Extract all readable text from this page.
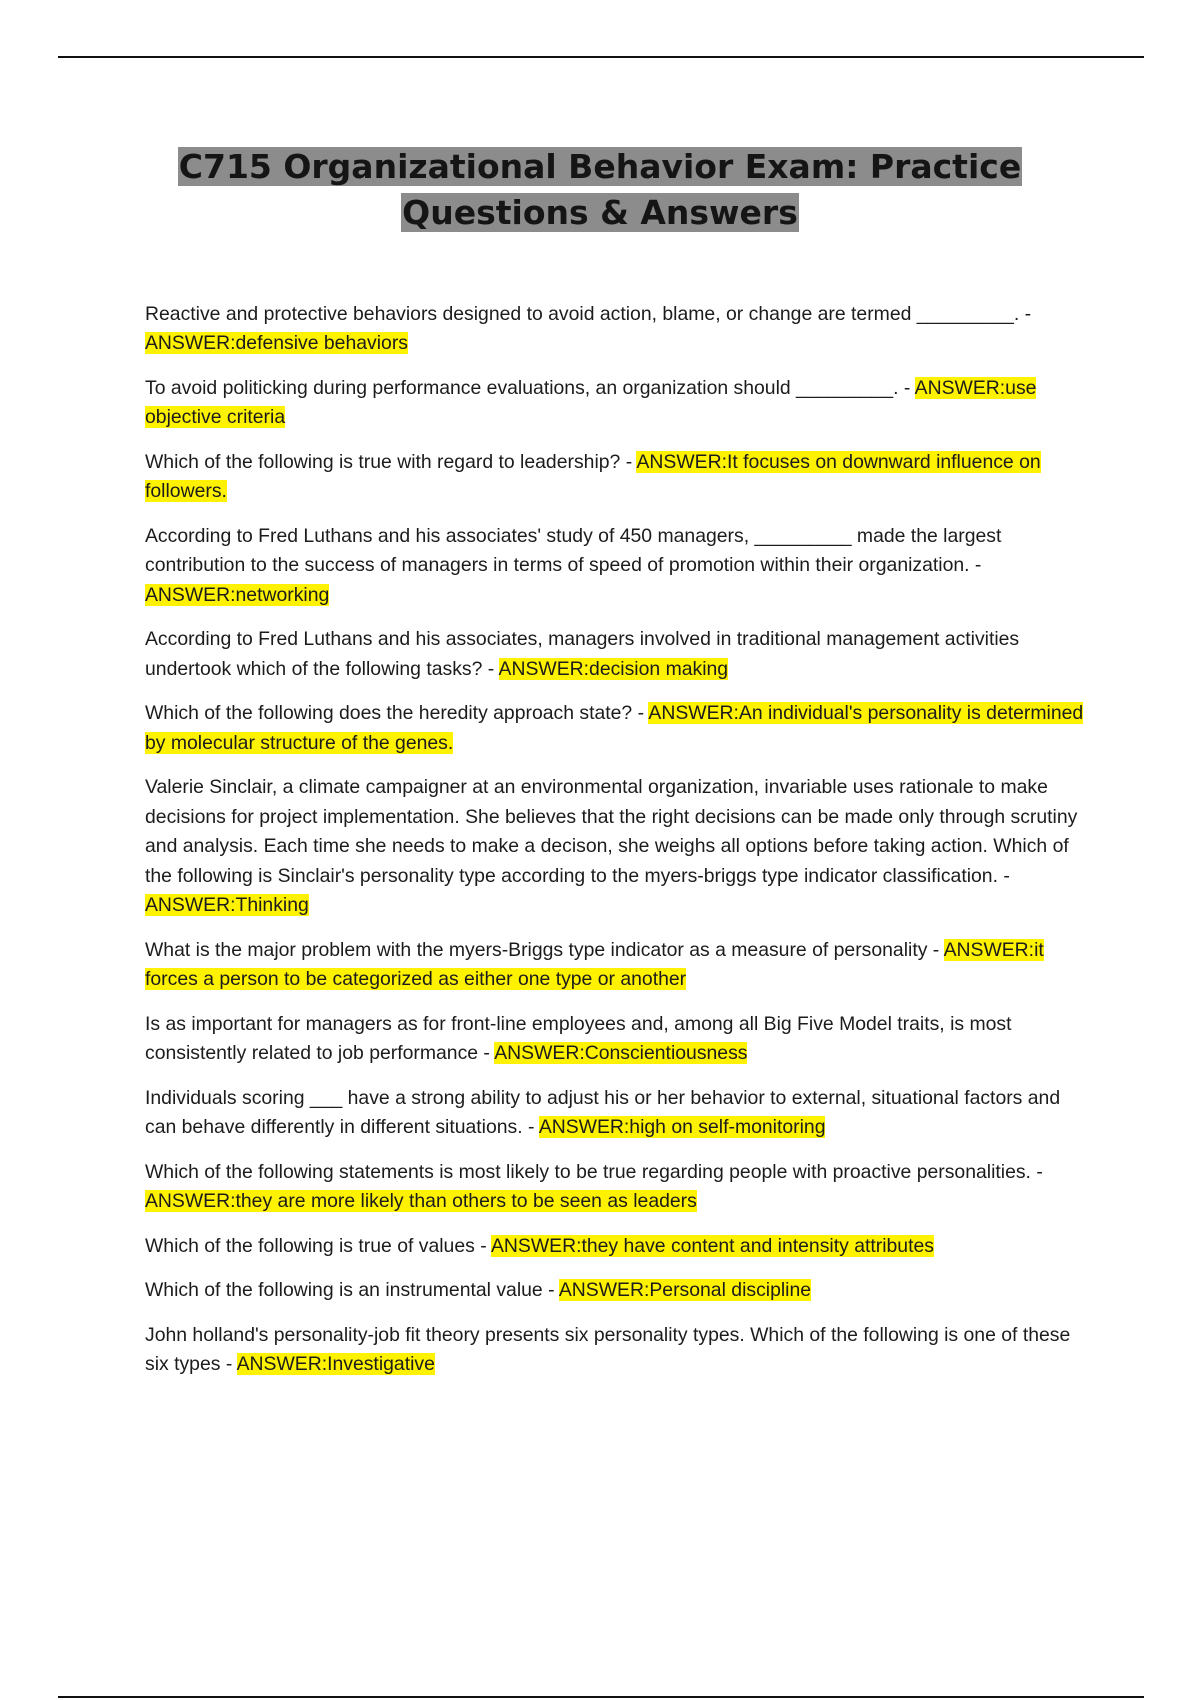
C715 Organizational Behavior Exam: Practice Questions & Answers

Reactive and protective behaviors designed to avoid action, blame, or change are termed _________. - ANSWER:defensive behaviors

To avoid politicking during performance evaluations, an organization should _________. - ANSWER:use objective criteria

Which of the following is true with regard to leadership? - ANSWER:It focuses on downward influence on followers.

According to Fred Luthans and his associates' study of 450 managers, _________ made the largest contribution to the success of managers in terms of speed of promotion within their organization. - ANSWER:networking

According to Fred Luthans and his associates, managers involved in traditional management activities undertook which of the following tasks? - ANSWER:decision making

Which of the following does the heredity approach state? - ANSWER:An individual's personality is determined by molecular structure of the genes.

Valerie Sinclair, a climate campaigner at an environmental organization, invariable uses rationale to make decisions for project implementation. She believes that the right decisions can be made only through scrutiny and analysis. Each time she needs to make a decison, she weighs all options before taking action. Which of the following is Sinclair's personality type according to the myers-briggs type indicator classification. - ANSWER:Thinking

What is the major problem with the myers-Briggs type indicator as a measure of personality - ANSWER:it forces a person to be categorized as either one type or another

Is as important for managers as for front-line employees and, among all Big Five Model traits, is most consistently related to job performance - ANSWER:Conscientiousness

Individuals scoring ___ have a strong ability to adjust his or her behavior to external, situational factors and can behave differently in different situations. - ANSWER:high on self-monitoring

Which of the following statements is most likely to be true regarding people with proactive personalities. - ANSWER:they are more likely than others to be seen as leaders

Which of the following is true of values - ANSWER:they have content and intensity attributes

Which of the following is an instrumental value - ANSWER:Personal discipline

John holland's personality-job fit theory presents six personality types. Which of the following is one of these six types - ANSWER:Investigative
